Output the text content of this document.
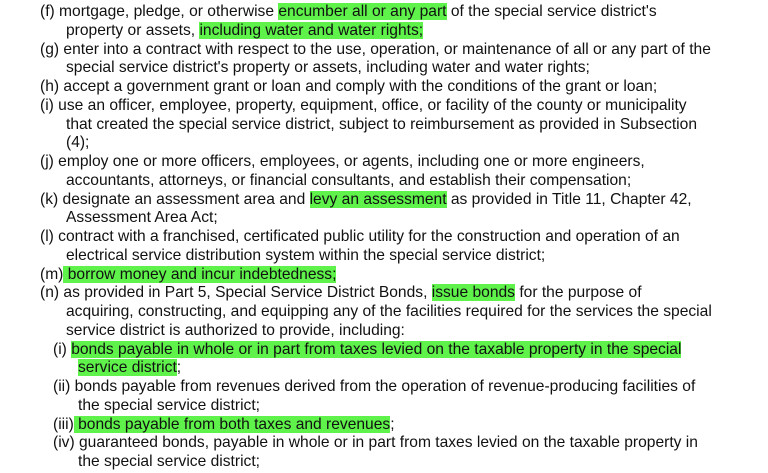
(f) mortgage, pledge, or otherwise encumber all or any part of the special service district's
property or assets, including water and water rights;
(g) enter into a contract with respect to the use, operation, or maintenance of all or any part of the
special service district's property or assets, including water and water rights;
(h) accept a government grant or loan and comply with the conditions of the grant or loan;
(i) use an officer, employee, property, equipment, office, or facility of the county or municipality
that created the special service district, subject to reimbursement as provided in Subsection
(4);
(j) employ one or more officers, employees, or agents, including one or more engineers,
accountants, attorneys, or financial consultants, and establish their compensation;
(k) designate an assessment area and levy an assessment as provided in Title 11, Chapter 42,
Assessment Area Act;
(l) contract with a franchised, certificated public utility for the construction and operation of an
electrical service distribution system within the special service district;
(m) borrow money and incur indebtedness;
(n) as provided in Part 5, Special Service District Bonds, issue bonds for the purpose of
acquiring, constructing, and equipping any of the facilities required for the services the special
service district is authorized to provide, including:
(i) bonds payable in whole or in part from taxes levied on the taxable property in the special
service district;
(ii) bonds payable from revenues derived from the operation of revenue-producing facilities of
the special service district;
(iii) bonds payable from both taxes and revenues;
(iv) guaranteed bonds, payable in whole or in part from taxes levied on the taxable property in
the special service district;
